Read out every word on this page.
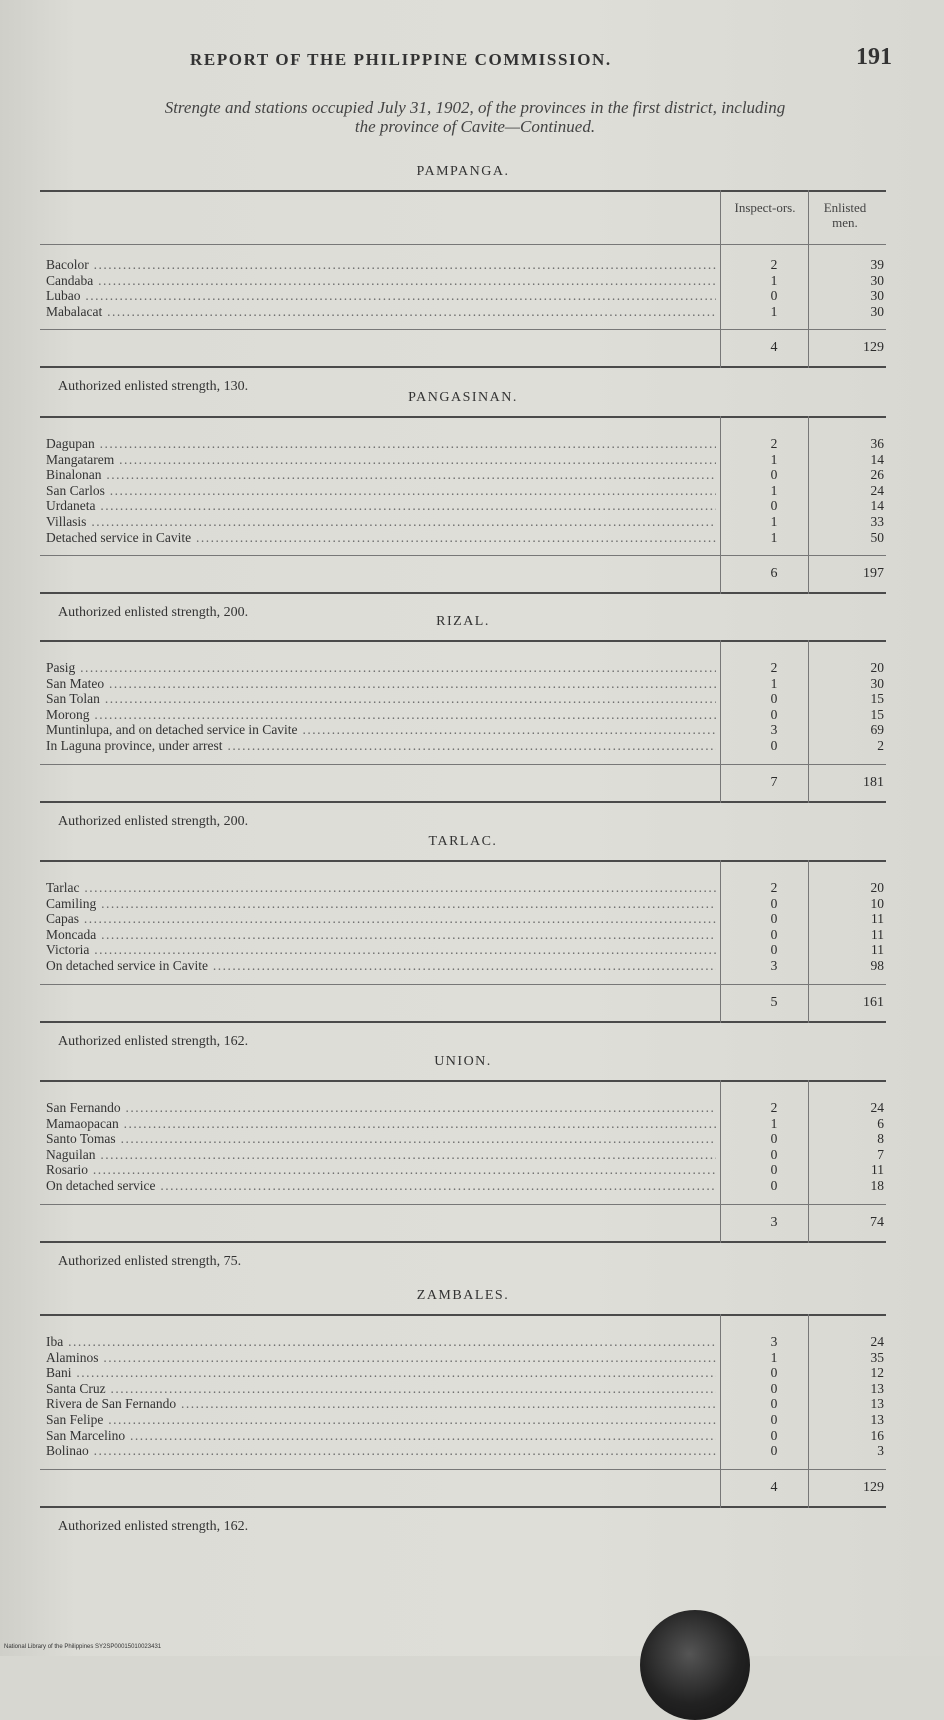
REPORT OF THE PHILIPPINE COMMISSION.	191
Strengte and stations occupied July 31, 1902, of the provinces in the first district, including
the province of Cavite—Continued.
PAMPANGA.
Inspect-ors.	Enlisted men.
Bacolor .....	2	39
Candaba .....	1	30
Lubao .....	0	30
Mabalacat .....	1	30
4	129
Authorized enlisted strength, 130.
PANGASINAN.
Dagupan .....	2	36
Mangatarem .....	1	14
Binalonan .....	0	26
San Carlos .....	1	24
Urdaneta .....	0	14
Villasis .....	1	33
Detached service in Cavite .....	1	50
6	197
Authorized enlisted strength, 200.
RIZAL.
Pasig .....	2	20
San Mateo .....	1	30
San Tolan .....	0	15
Morong .....	0	15
Muntinlupa, and on detached service in Cavite .....	3	69
In Laguna province, under arrest .....	0	2
7	181
Authorized enlisted strength, 200.
TARLAC.
Tarlac .....	2	20
Camiling .....	0	10
Capas .....	0	11
Moncada .....	0	11
Victoria .....	0	11
On detached service in Cavite .....	3	98
5	161
Authorized enlisted strength, 162.
UNION.
San Fernando .....	2	24
Mamaopacan .....	1	6
Santo Tomas .....	0	8
Naguilan .....	0	7
Rosario .....	0	11
On detached service .....	0	18
3	74
Authorized enlisted strength, 75.
ZAMBALES.
Iba .....	3	24
Alaminos .....	1	35
Bani .....	0	12
Santa Cruz .....	0	13
Rivera de San Fernando .....	0	13
San Felipe .....	0	13
San Marcelino .....	0	16
Bolinao .....	0	3
4	129
Authorized enlisted strength, 162.
National Library of the Philippines SY2SP00015010023431
